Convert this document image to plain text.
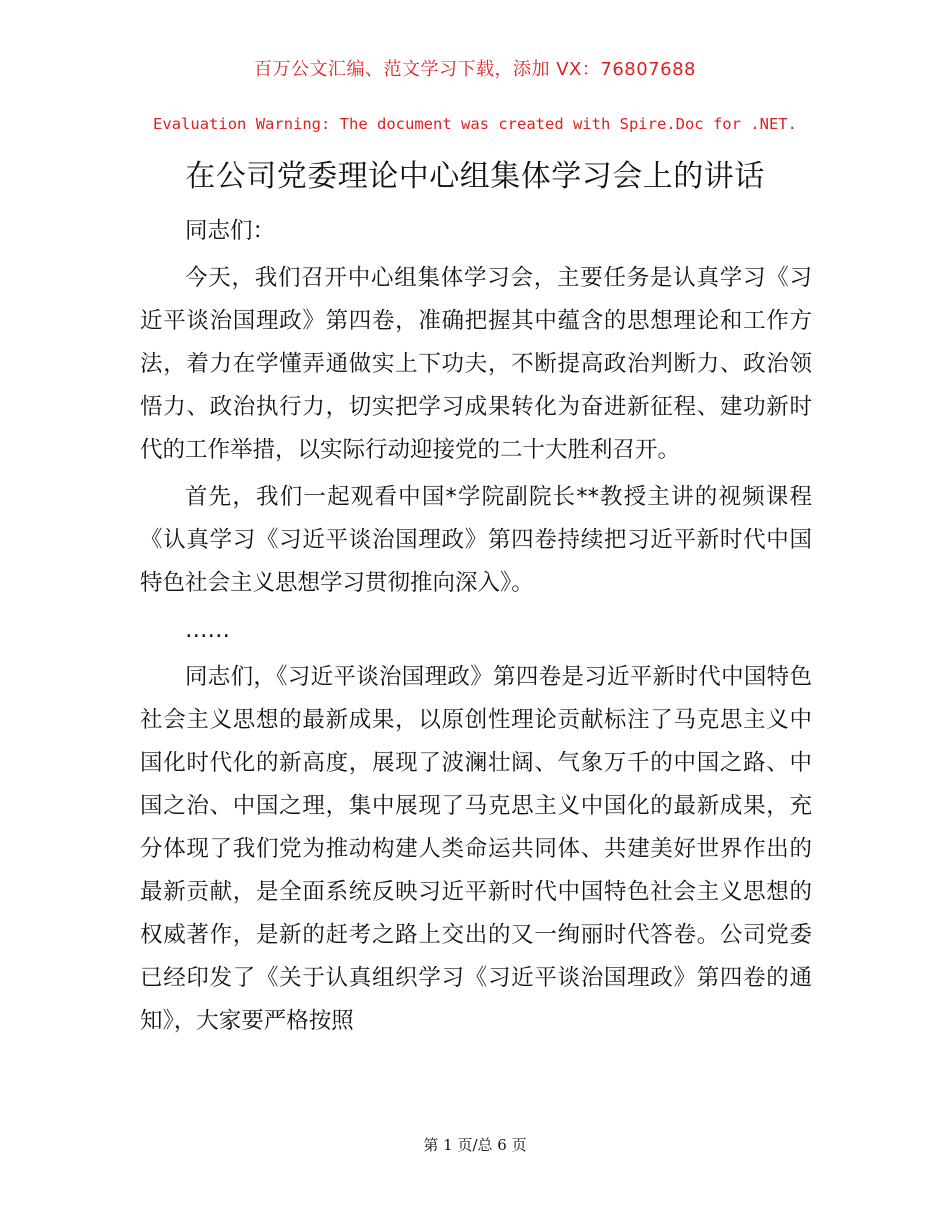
百万公文汇编、范文学习下载，添加 VX：76807688
Evaluation Warning: The document was created with Spire.Doc for .NET.
在公司党委理论中心组集体学习会上的讲话

同志们：

今天，我们召开中心组集体学习会，主要任务是认真学习《习近平谈治国理政》第四卷，准确把握其中蕴含的思想理论和工作方法，着力在学懂弄通做实上下功夫，不断提高政治判断力、政治领悟力、政治执行力，切实把学习成果转化为奋进新征程、建功新时代的工作举措，以实际行动迎接党的二十大胜利召开。

首先，我们一起观看中国*学院副院长**教授主讲的视频课程《认真学习《习近平谈治国理政》第四卷持续把习近平新时代中国特色社会主义思想学习贯彻推向深入》。

……

同志们，《习近平谈治国理政》第四卷是习近平新时代中国特色社会主义思想的最新成果，以原创性理论贡献标注了马克思主义中国化时代化的新高度，展现了波澜壮阔、气象万千的中国之路、中国之治、中国之理，集中展现了马克思主义中国化的最新成果，充分体现了我们党为推动构建人类命运共同体、共建美好世界作出的最新贡献，是全面系统反映习近平新时代中国特色社会主义思想的权威著作，是新的赶考之路上交出的又一绚丽时代答卷。公司党委已经印发了《关于认真组织学习《习近平谈治国理政》第四卷的通知》，大家要严格按照

第 1 页/总 6 页
